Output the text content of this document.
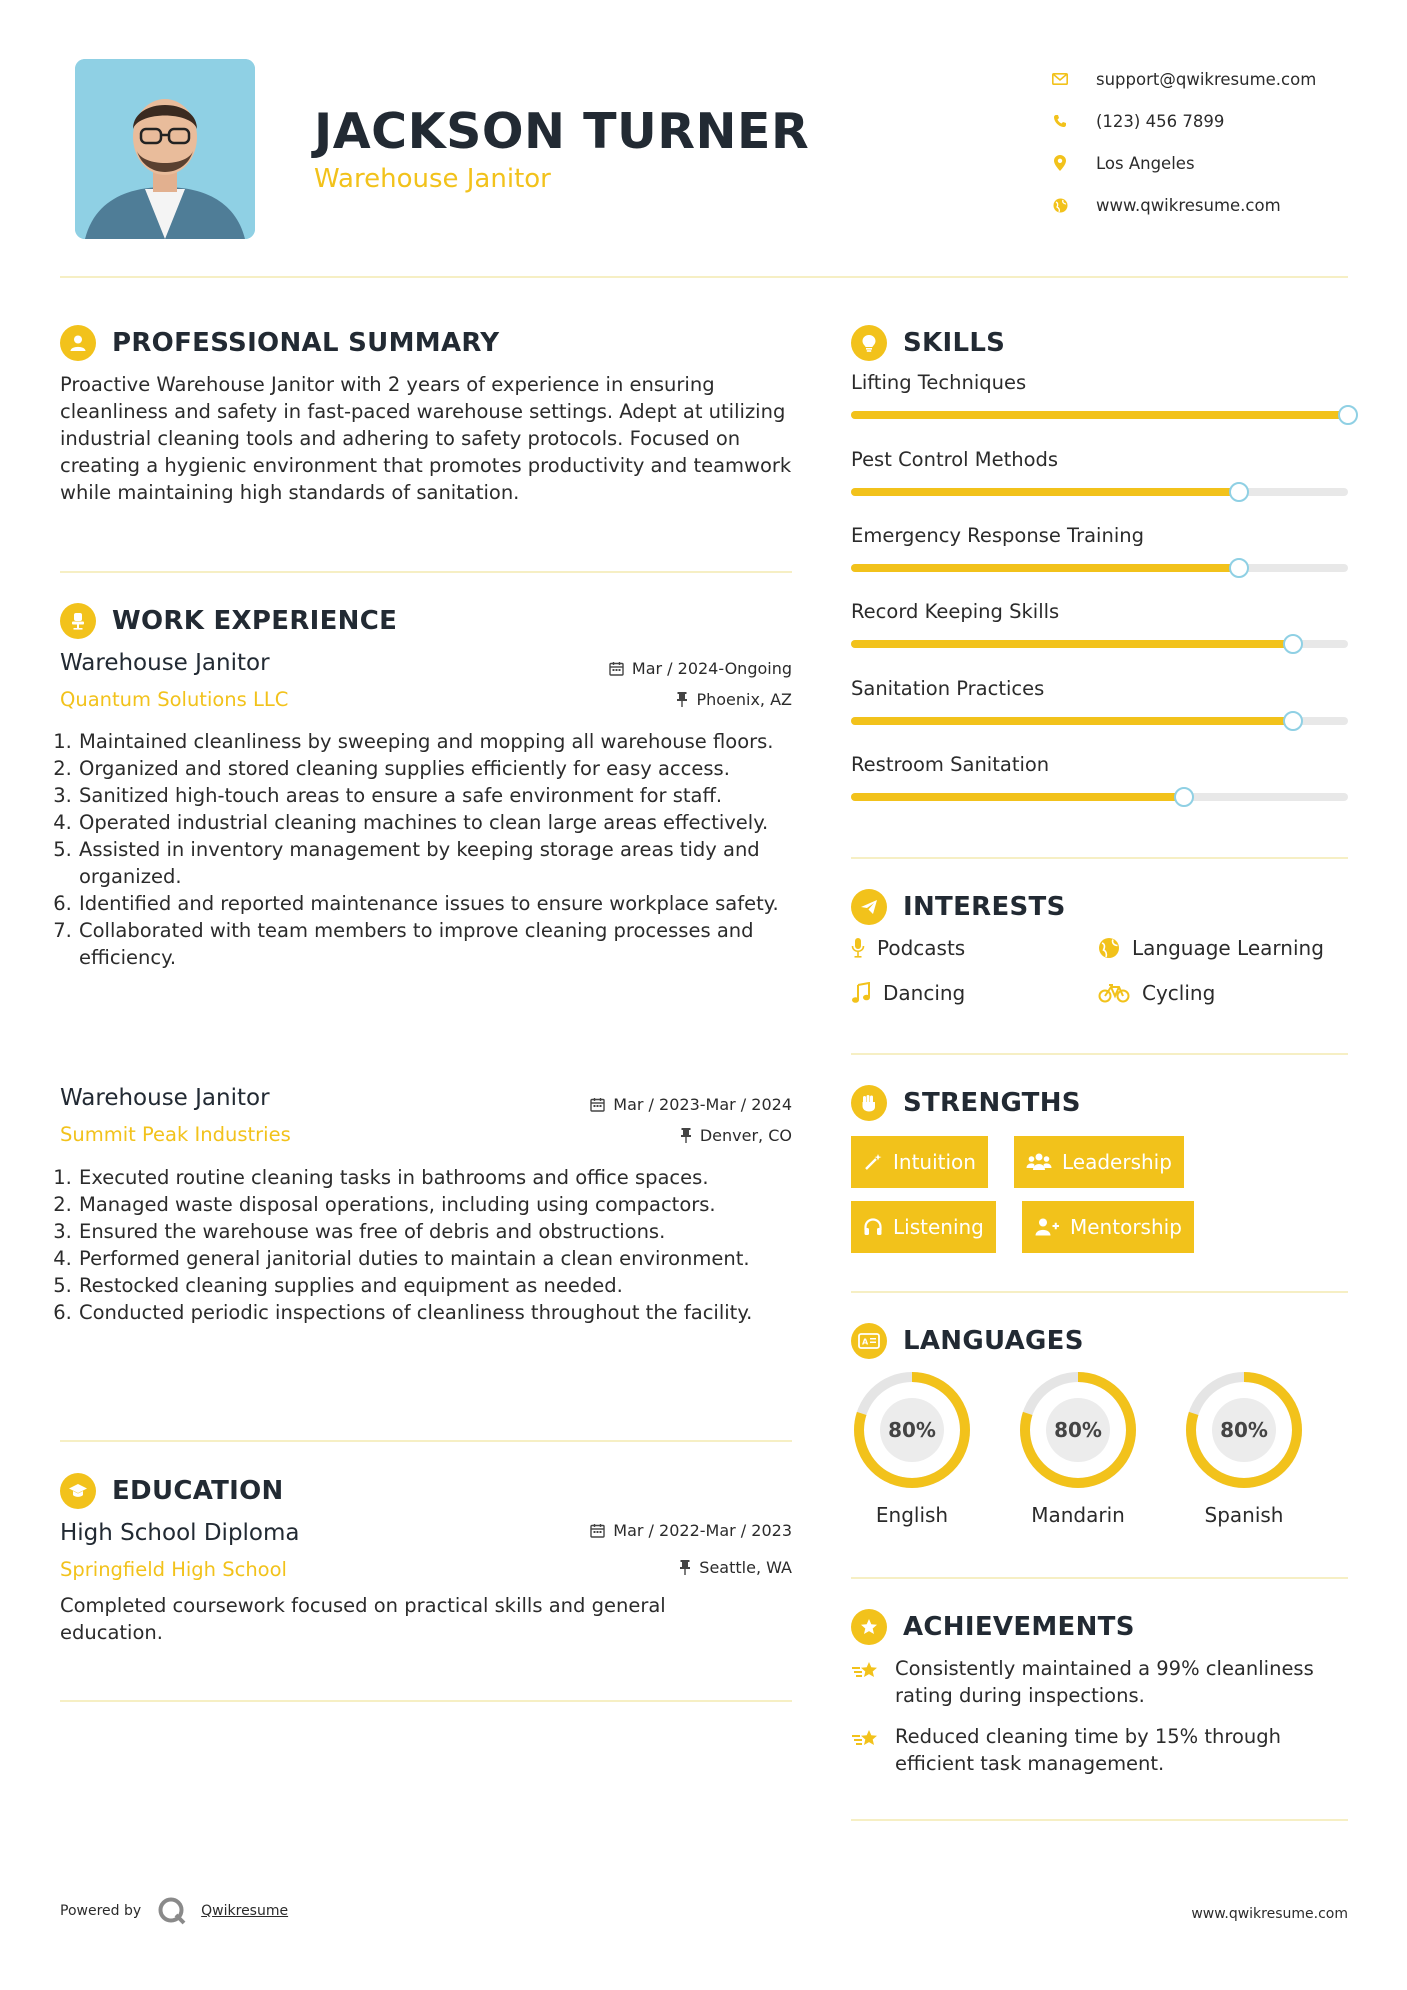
JACKSON TURNER
Warehouse Janitor
support@qwikresume.com
(123) 456 7899
Los Angeles
www.qwikresume.com
PROFESSIONAL SUMMARY
Proactive Warehouse Janitor with 2 years of experience in ensuring cleanliness and safety in fast-paced warehouse settings. Adept at utilizing industrial cleaning tools and adhering to safety protocols. Focused on creating a hygienic environment that promotes productivity and teamwork while maintaining high standards of sanitation.
WORK EXPERIENCE
Warehouse Janitor
Quantum Solutions LLC
Mar / 2024-Ongoing
Phoenix, AZ
1. Maintained cleanliness by sweeping and mopping all warehouse floors.
2. Organized and stored cleaning supplies efficiently for easy access.
3. Sanitized high-touch areas to ensure a safe environment for staff.
4. Operated industrial cleaning machines to clean large areas effectively.
5. Assisted in inventory management by keeping storage areas tidy and organized.
6. Identified and reported maintenance issues to ensure workplace safety.
7. Collaborated with team members to improve cleaning processes and efficiency.
Warehouse Janitor
Summit Peak Industries
Mar / 2023-Mar / 2024
Denver, CO
1. Executed routine cleaning tasks in bathrooms and office spaces.
2. Managed waste disposal operations, including using compactors.
3. Ensured the warehouse was free of debris and obstructions.
4. Performed general janitorial duties to maintain a clean environment.
5. Restocked cleaning supplies and equipment as needed.
6. Conducted periodic inspections of cleanliness throughout the facility.
EDUCATION
High School Diploma
Springfield High School
Mar / 2022-Mar / 2023
Seattle, WA
Completed coursework focused on practical skills and general education.
SKILLS
Lifting Techniques
Pest Control Methods
Emergency Response Training
Record Keeping Skills
Sanitation Practices
Restroom Sanitation
INTERESTS
Podcasts	Language Learning
Dancing	Cycling
STRENGTHS
Intuition	Leadership
Listening	Mentorship
A LANGUAGES
80%
English
80%
Mandarin
80%
Spanish
ACHIEVEMENTS
Consistently maintained a 99% cleanliness rating during inspections.
Reduced cleaning time by 15% through efficient task management.
Powered by	Qwikresume	www.qwikresume.com
